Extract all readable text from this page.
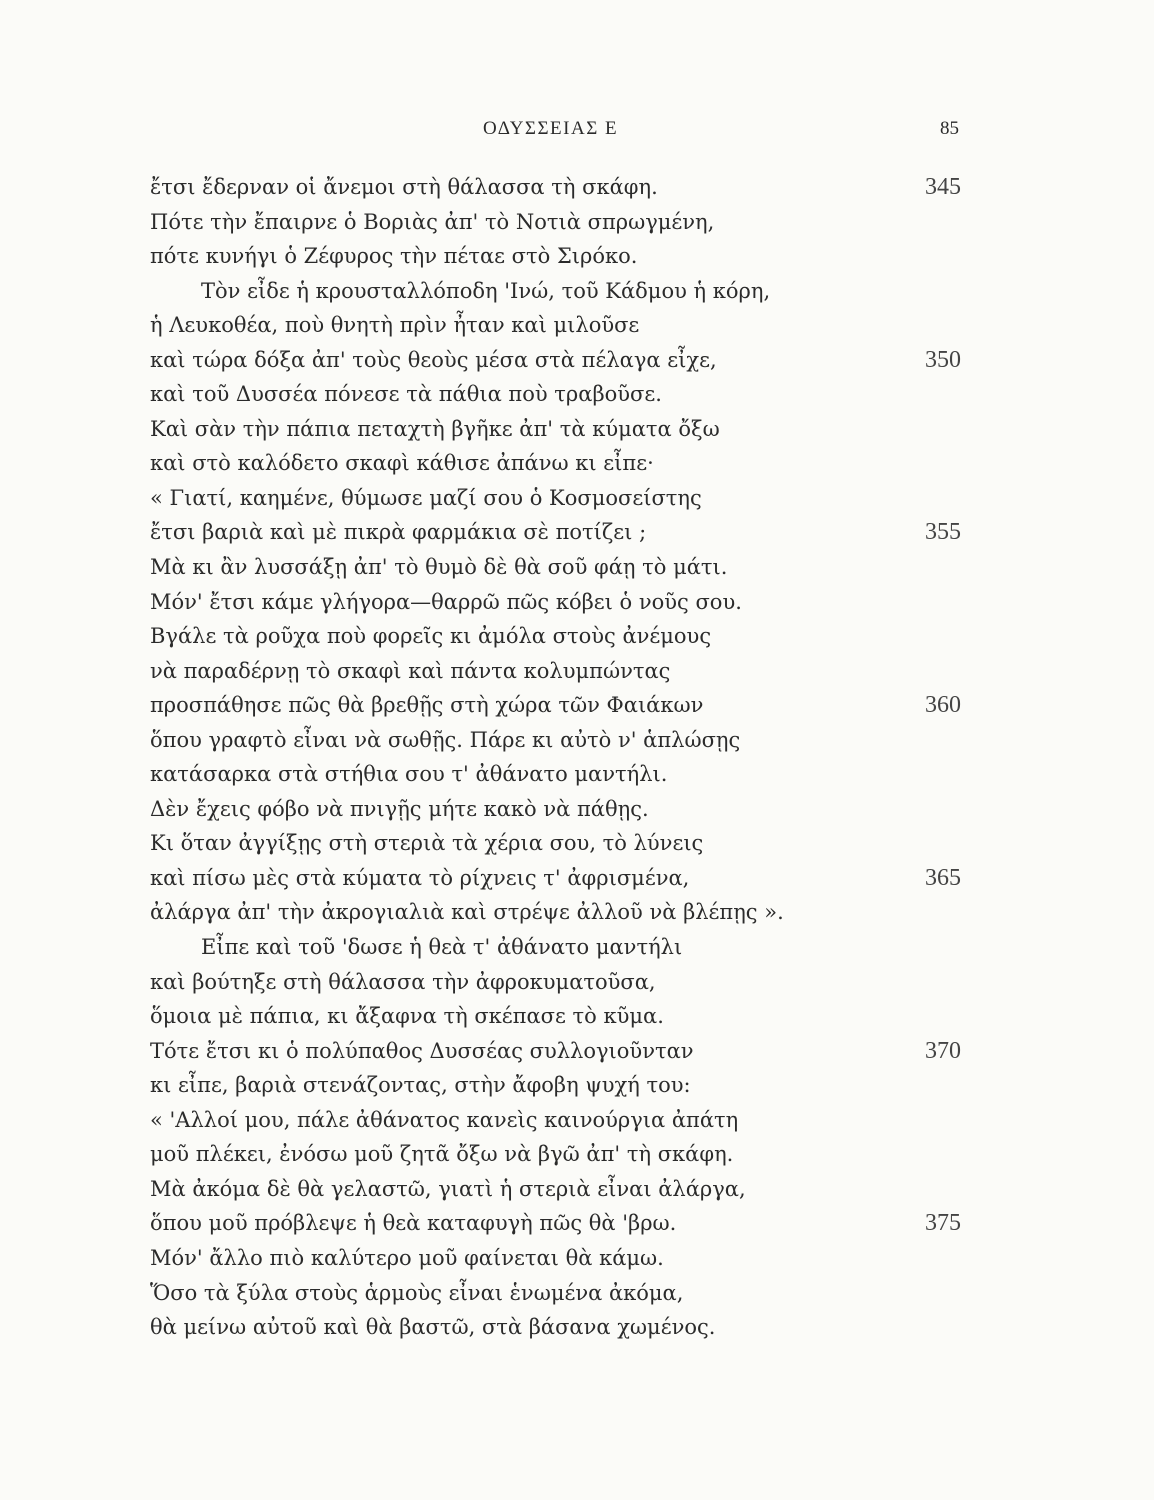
ΟΔΥΣΣΕΙΑΣ Ε	85
ἔτσι ἔδερναν οἱ ἄνεμοι στὴ θάλασσα τὴ σκάφη.	345
Πότε τὴν ἔπαιρνε ὁ Βοριὰς ἀπ' τὸ Νοτιὰ σπρωγμένη,
πότε κυνήγι ὁ Ζέφυρος τὴν πέταε στὸ Σιρόκο.
Τὸν εἶδε ἡ κρουσταλλόποδη 'Ινώ, τοῦ Κάδμου ἡ κόρη,
ἡ Λευκοθέα, ποὺ θνητὴ πρὶν ἦταν καὶ μιλοῦσε
καὶ τώρα δόξα ἀπ' τοὺς θεοὺς μέσα στὰ πέλαγα εἶχε,	350
καὶ τοῦ Δυσσέα πόνεσε τὰ πάθια ποὺ τραβοῦσε.
Καὶ σὰν τὴν πάπια πεταχτὴ βγῆκε ἀπ' τὰ κύματα ὄξω
καὶ στὸ καλόδετο σκαφὶ κάθισε ἀπάνω κι εἶπε·
« Γιατί, καημένε, θύμωσε μαζί σου ὁ Κοσμοσείστης
ἔτσι βαριὰ καὶ μὲ πικρὰ φαρμάκια σὲ ποτίζει ;	355
Μὰ κι ἂν λυσσάξῃ ἀπ' τὸ θυμὸ δὲ θὰ σοῦ φάῃ τὸ μάτι.
Μόν' ἔτσι κάμε γλήγορα—θαρρῶ πῶς κόβει ὁ νοῦς σου.
Βγάλε τὰ ροῦχα ποὺ φορεῖς κι ἀμόλα στοὺς ἀνέμους
νὰ παραδέρνῃ τὸ σκαφὶ καὶ πάντα κολυμπώντας
προσπάθησε πῶς θὰ βρεθῇς στὴ χώρα τῶν Φαιάκων	360
ὅπου γραφτὸ εἶναι νὰ σωθῇς. Πάρε κι αὐτὸ ν' ἁπλώσῃς
κατάσαρκα στὰ στήθια σου τ' ἀθάνατο μαντήλι.
Δὲν ἔχεις φόβο νὰ πνιγῇς μήτε κακὸ νὰ πάθῃς.
Κι ὅταν ἀγγίξῃς στὴ στεριὰ τὰ χέρια σου, τὸ λύνεις
καὶ πίσω μὲς στὰ κύματα τὸ ρίχνεις τ' ἀφρισμένα,	365
ἀλάργα ἀπ' τὴν ἀκρογιαλιὰ καὶ στρέψε ἀλλοῦ νὰ βλέπῃς ».
Εἶπε καὶ τοῦ 'δωσε ἡ θεὰ τ' ἀθάνατο μαντήλι
καὶ βούτηξε στὴ θάλασσα τὴν ἀφροκυματοῦσα,
ὅμοια μὲ πάπια, κι ἄξαφνα τὴ σκέπασε τὸ κῦμα.
Τότε ἔτσι κι ὁ πολύπαθος Δυσσέας συλλογιοῦνταν	370
κι εἶπε, βαριὰ στενάζοντας, στὴν ἄφοβη ψυχή του:
« 'Αλλοί μου, πάλε ἀθάνατος κανεὶς καινούργια ἀπάτη
μοῦ πλέκει, ἐνόσω μοῦ ζητᾶ ὄξω νὰ βγῶ ἀπ' τὴ σκάφη.
Μὰ ἀκόμα δὲ θὰ γελαστῶ, γιατὶ ἡ στεριὰ εἶναι ἀλάργα,
ὅπου μοῦ πρόβλεψε ἡ θεὰ καταφυγὴ πῶς θὰ 'βρω.	375
Μόν' ἄλλο πιὸ καλύτερο μοῦ φαίνεται θὰ κάμω.
Ὅσο τὰ ξύλα στοὺς ἁρμοὺς εἶναι ἑνωμένα ἀκόμα,
θὰ μείνω αὐτοῦ καὶ θὰ βαστῶ, στὰ βάσανα χωμένος.
